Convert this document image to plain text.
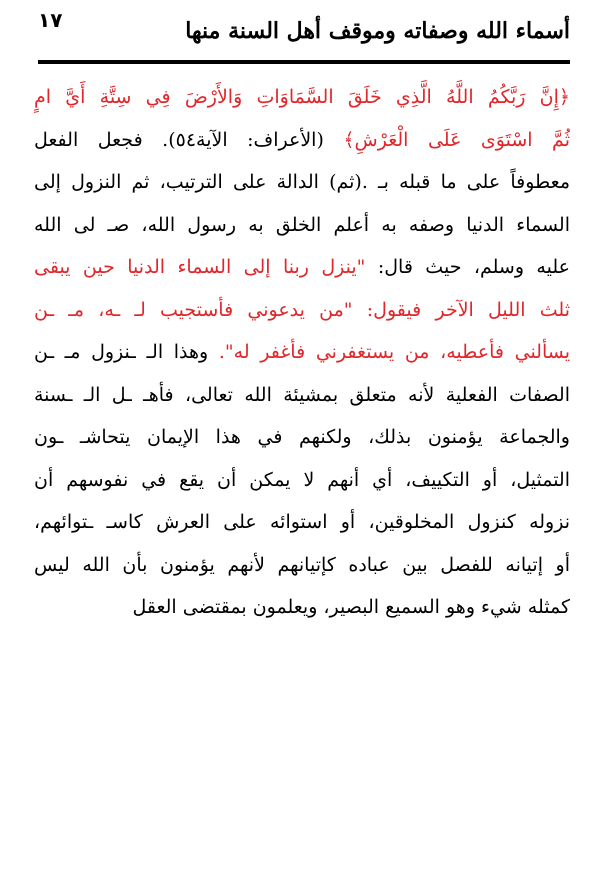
١٧	أسماء الله وصفاته وموقف أهل السنة منها
﴿إِنَّ رَبَّكُمُ اللَّهُ الَّذِي خَلَقَ السَّمَاوَاتِ وَالأَرْضَ فِي سِتَّةِ أَيَّ امٍ
ثُمَّ اسْتَوَى عَلَى الْعَرْشِ﴾ (الأعراف: الآية٥٤). فجعل الفعل
معطوفاً على ما قبله بـ .(ثم) الدالة على الترتيب، ثم النزول إلى
السماء الدنيا وصفه به أعلم الخلق به رسول الله، صـ لى الله
عليه وسلم، حيث قال: "ينزل ربنا إلى السماء الدنيا حين يبقى
ثلث الليل الآخر فيقول: "من يدعوني فأستجيب لـ ـه، مـ ـن
يسألني فأعطيه، من يستغفرني فأغفر له". وهذا الـ ـنزول مـ ـن
الصفات الفعلية لأنه متعلق بمشيئة الله تعالى، فأهـ ـل الـ ـسنة
والجماعة يؤمنون بذلك، ولكنهم في هذا الإيمان يتحاشـ ـون
التمثيل، أو التكييف، أي أنهم لا يمكن أن يقع في نفوسهم أن
نزوله كنزول المخلوقين، أو استوائه على العرش كاسـ ـتوائهم،
أو إتيانه للفصل بين عباده كإتيانهم لأنهم يؤمنون بأن الله ليس
كمثله شيء وهو السميع البصير، ويعلمون بمقتضى العقل
